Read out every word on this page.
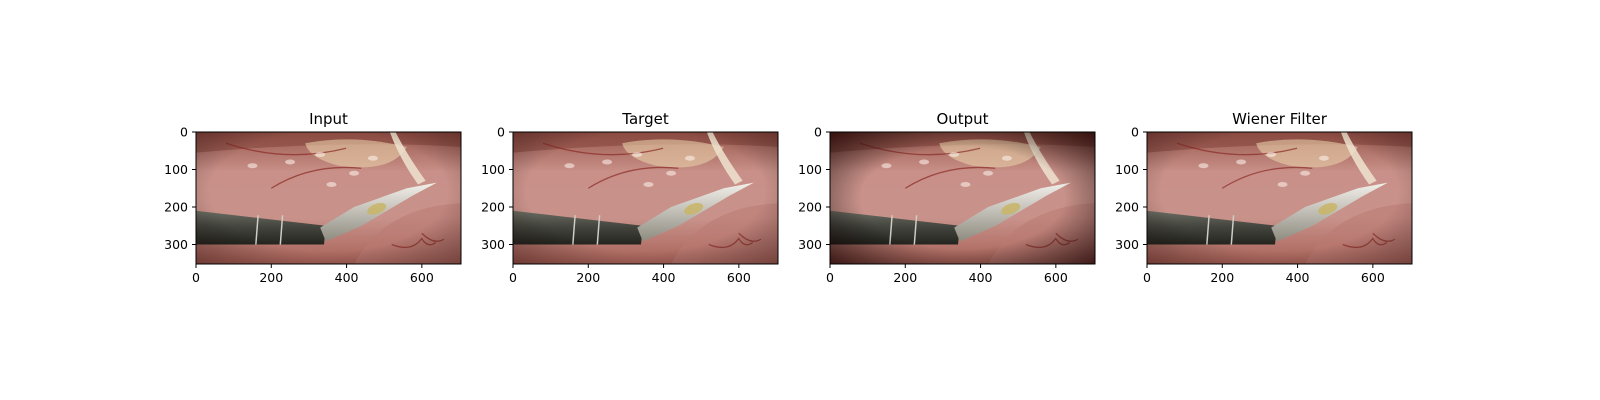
Input
0	200	400	600
0
100
200
300
Target
0	200	400	600
0
100
200
300
Output
0	200	400	600
0
100
200
300
Wiener Filter
0	200	400	600
0
100
200
300
